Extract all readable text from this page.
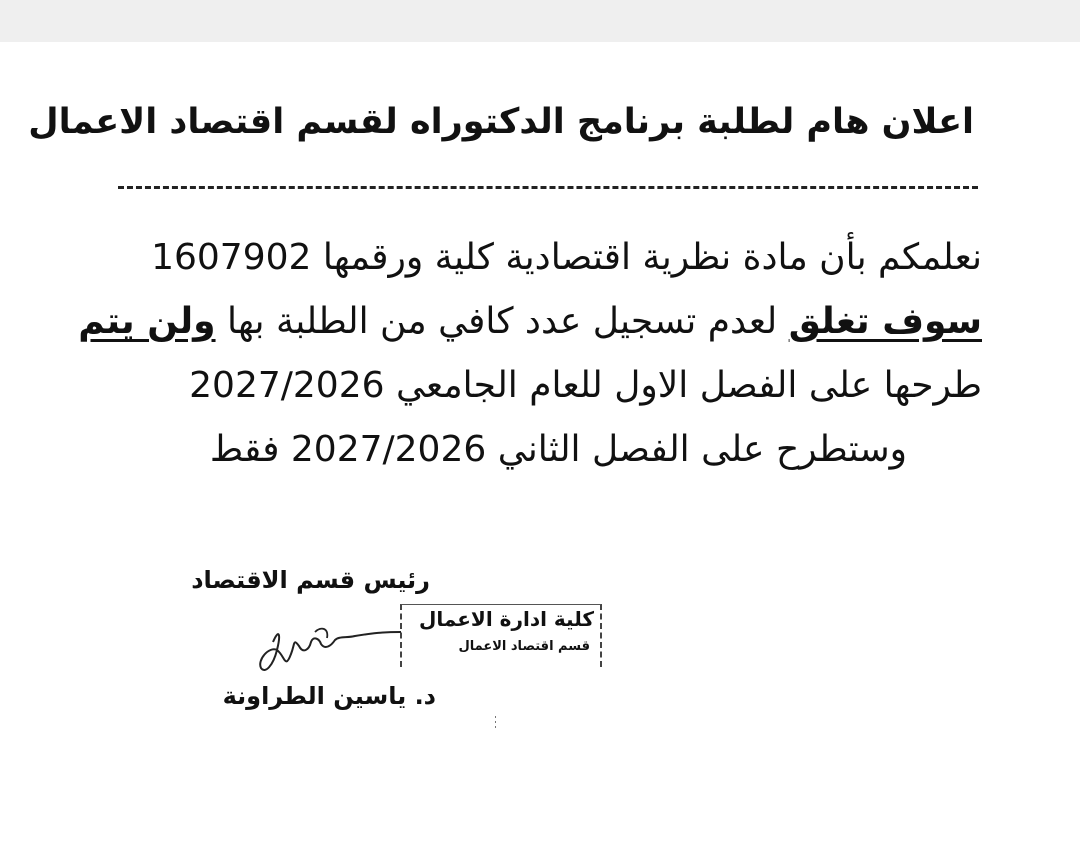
اعلان هام لطلبة برنامج الدكتوراه لقسم اقتصاد الاعمال
نعلمكم بأن مادة نظرية اقتصادية كلية ورقمها 1607902
سوف تغلق لعدم تسجيل عدد كافي من الطلبة بها ولن يتم
طرحها على الفصل الاول للعام الجامعي 2027/2026
وستطرح على الفصل الثاني 2027/2026 فقط
رئيس قسم الاقتصاد
د. ياسين الطراونة
كلية ادارة الاعمال
قسم اقتصاد الاعمال
